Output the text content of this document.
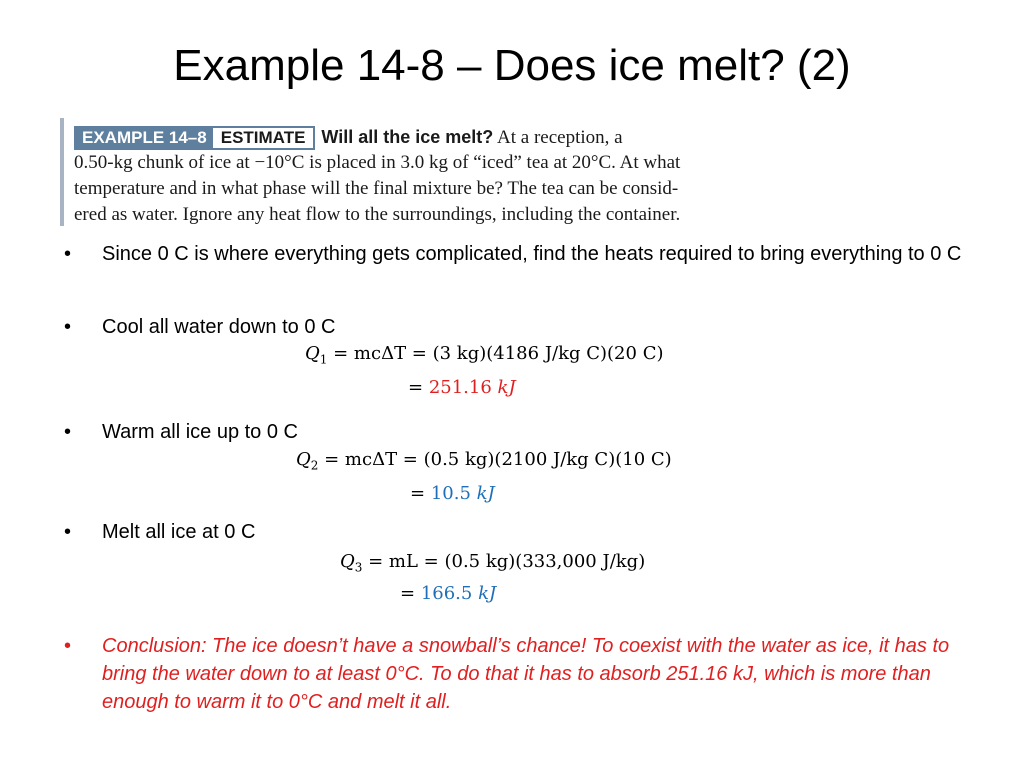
Example 14-8 – Does ice melt? (2)
EXAMPLE 14–8 ESTIMATE Will all the ice melt? At a reception, a
0.50-kg chunk of ice at −10°C is placed in 3.0 kg of “iced” tea at 20°C. At what
temperature and in what phase will the final mixture be? The tea can be consid-
ered as water. Ignore any heat flow to the surroundings, including the container.
• Since 0 C is where everything gets complicated, find the heats required to bring everything to 0 C
• Cool all water down to 0 C
$Q_1 = mc\Delta T = (3$ kg)(4186 J/kg C)(20 C)
= 251.16 kJ
• Warm all ice up to 0 C
$Q_2 = mc\Delta T = (0.5$ kg)(2100 J/kg C)(10 C)
= 10.5 kJ
• Melt all ice at 0 C
$Q_3$ = mL = (0.5 kg)(333,000 J/kg)
= 166.5 kJ
• Conclusion: The ice doesn’t have a snowball’s chance! To coexist with the water as ice, it has to bring the water down to at least 0°C. To do that it has to absorb 251.16 kJ, which is more than enough to warm it to 0°C and melt it all.
